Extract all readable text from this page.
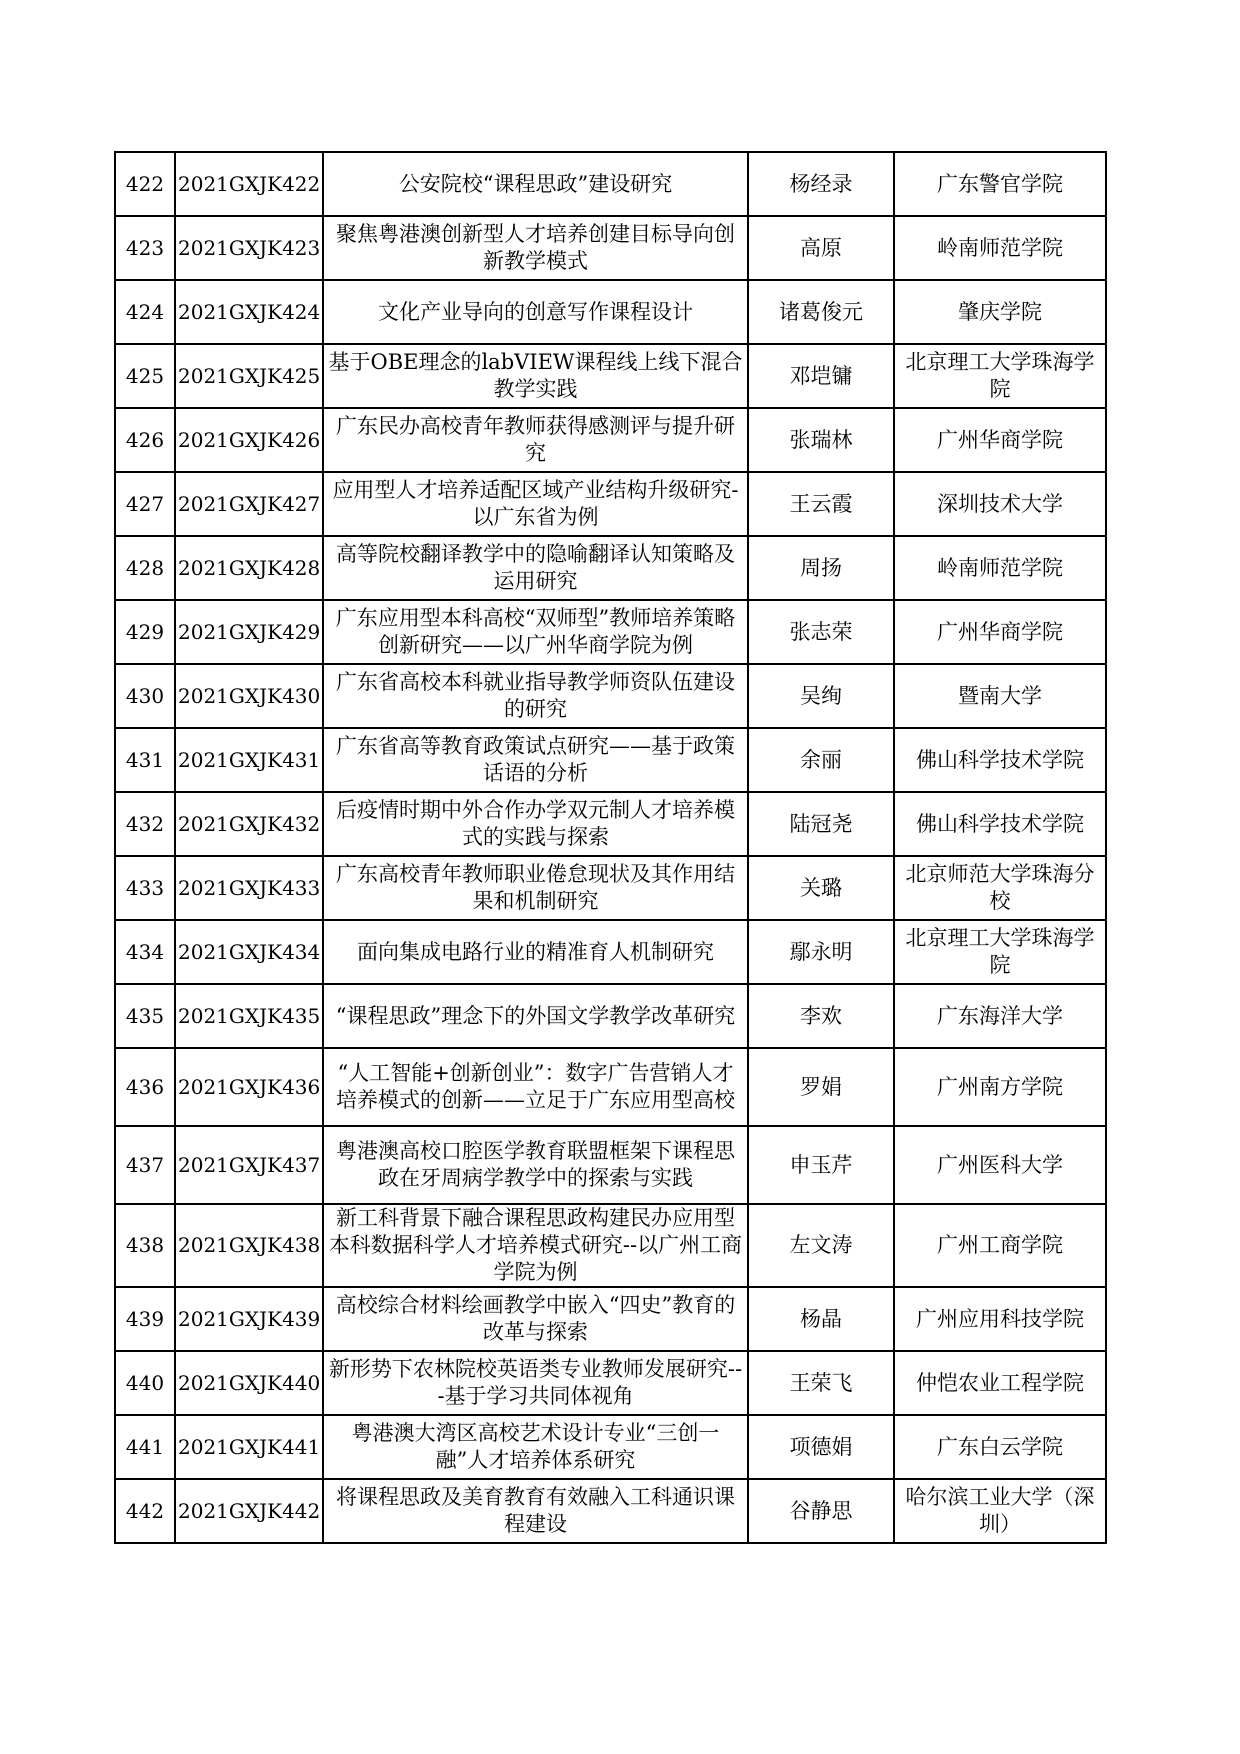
422	2021GXJK422	公安院校“课程思政”建设研究	杨经录	广东警官学院
423	2021GXJK423	聚焦粤港澳创新型人才培养创建目标导向创新教学模式	高原	岭南师范学院
424	2021GXJK424	文化产业导向的创意写作课程设计	诸葛俊元	肇庆学院
425	2021GXJK425	基于OBE理念的labVIEW课程线上线下混合教学实践	邓垲镛	北京理工大学珠海学院
426	2021GXJK426	广东民办高校青年教师获得感测评与提升研究	张瑞林	广州华商学院
427	2021GXJK427	应用型人才培养适配区域产业结构升级研究-以广东省为例	王云霞	深圳技术大学
428	2021GXJK428	高等院校翻译教学中的隐喻翻译认知策略及运用研究	周扬	岭南师范学院
429	2021GXJK429	广东应用型本科高校“双师型”教师培养策略创新研究——以广州华商学院为例	张志荣	广州华商学院
430	2021GXJK430	广东省高校本科就业指导教学师资队伍建设的研究	吴绚	暨南大学
431	2021GXJK431	广东省高等教育政策试点研究——基于政策话语的分析	余丽	佛山科学技术学院
432	2021GXJK432	后疫情时期中外合作办学双元制人才培养模式的实践与探索	陆冠尧	佛山科学技术学院
433	2021GXJK433	广东高校青年教师职业倦怠现状及其作用结果和机制研究	关璐	北京师范大学珠海分校
434	2021GXJK434	面向集成电路行业的精准育人机制研究	鄢永明	北京理工大学珠海学院
435	2021GXJK435	“课程思政”理念下的外国文学教学改革研究	李欢	广东海洋大学
436	2021GXJK436	“人工智能+创新创业”：数字广告营销人才培养模式的创新——立足于广东应用型高校	罗娟	广州南方学院
437	2021GXJK437	粤港澳高校口腔医学教育联盟框架下课程思政在牙周病学教学中的探索与实践	申玉芹	广州医科大学
438	2021GXJK438	新工科背景下融合课程思政构建民办应用型本科数据科学人才培养模式研究--以广州工商学院为例	左文涛	广州工商学院
439	2021GXJK439	高校综合材料绘画教学中嵌入“四史”教育的改革与探索	杨晶	广州应用科技学院
440	2021GXJK440	新形势下农林院校英语类专业教师发展研究---基于学习共同体视角	王荣飞	仲恺农业工程学院
441	2021GXJK441	粤港澳大湾区高校艺术设计专业“三创一融”人才培养体系研究	项德娟	广东白云学院
442	2021GXJK442	将课程思政及美育教育有效融入工科通识课程建设	谷静思	哈尔滨工业大学（深圳）
